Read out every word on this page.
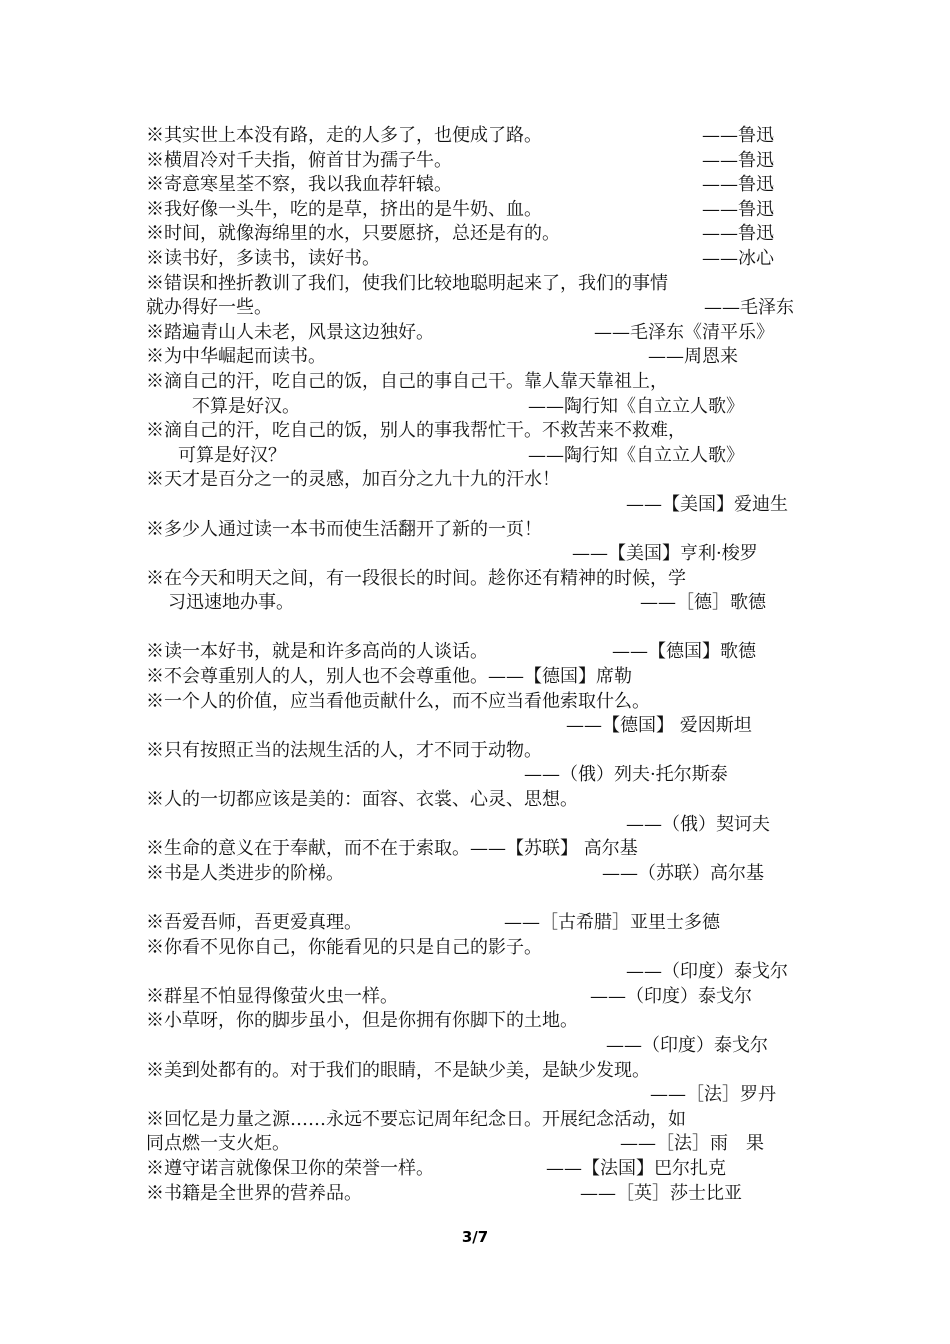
※其实世上本没有路，走的人多了，也便成了路。	——鲁迅
※横眉冷对千夫指，俯首甘为孺子牛。	——鲁迅
※寄意寒星荃不察，我以我血荐轩辕。	——鲁迅
※我好像一头牛，吃的是草，挤出的是牛奶、血。	——鲁迅
※时间，就像海绵里的水，只要愿挤，总还是有的。	——鲁迅
※读书好，多读书，读好书。	——冰心
※错误和挫折教训了我们，使我们比较地聪明起来了，我们的事情
就办得好一些。	——毛泽东
※踏遍青山人未老，风景这边独好。	——毛泽东《清平乐》
※为中华崛起而读书。	——周恩来
※滴自己的汗，吃自己的饭，自己的事自己干。靠人靠天靠祖上，
不算是好汉。	——陶行知《自立立人歌》
※滴自己的汗，吃自己的饭，别人的事我帮忙干。不救苦来不救难，
可算是好汉？	——陶行知《自立立人歌》
※天才是百分之一的灵感，加百分之九十九的汗水！
——【美国】爱迪生
※多少人通过读一本书而使生活翻开了新的一页！
——【美国】亨利·梭罗
※在今天和明天之间，有一段很长的时间。趁你还有精神的时候，学
习迅速地办事。	——［德］歌德
※读一本好书，就是和许多高尚的人谈话。	——【德国】歌德
※不会尊重别人的人，别人也不会尊重他。——【德国】席勒
※一个人的价值，应当看他贡献什么，而不应当看他索取什么。
——【德国】 爱因斯坦
※只有按照正当的法规生活的人，才不同于动物。
——（俄）列夫·托尔斯泰
※人的一切都应该是美的：面容、衣裳、心灵、思想。
——（俄）契诃夫
※生命的意义在于奉献，而不在于索取。——【苏联】 高尔基
※书是人类进步的阶梯。	——（苏联）高尔基
※吾爱吾师，吾更爱真理。	——［古希腊］亚里士多德
※你看不见你自己，你能看见的只是自己的影子。
——（印度）泰戈尔
※群星不怕显得像萤火虫一样。	——（印度）泰戈尔
※小草呀，你的脚步虽小，但是你拥有你脚下的土地。
——（印度）泰戈尔
※美到处都有的。对于我们的眼睛，不是缺少美，是缺少发现。
——［法］罗丹
※回忆是力量之源……永远不要忘记周年纪念日。开展纪念活动，如
同点燃一支火炬。	——［法］雨　果
※遵守诺言就像保卫你的荣誉一样。	——【法国】巴尔扎克
※书籍是全世界的营养品。	——［英］莎士比亚
3/7
